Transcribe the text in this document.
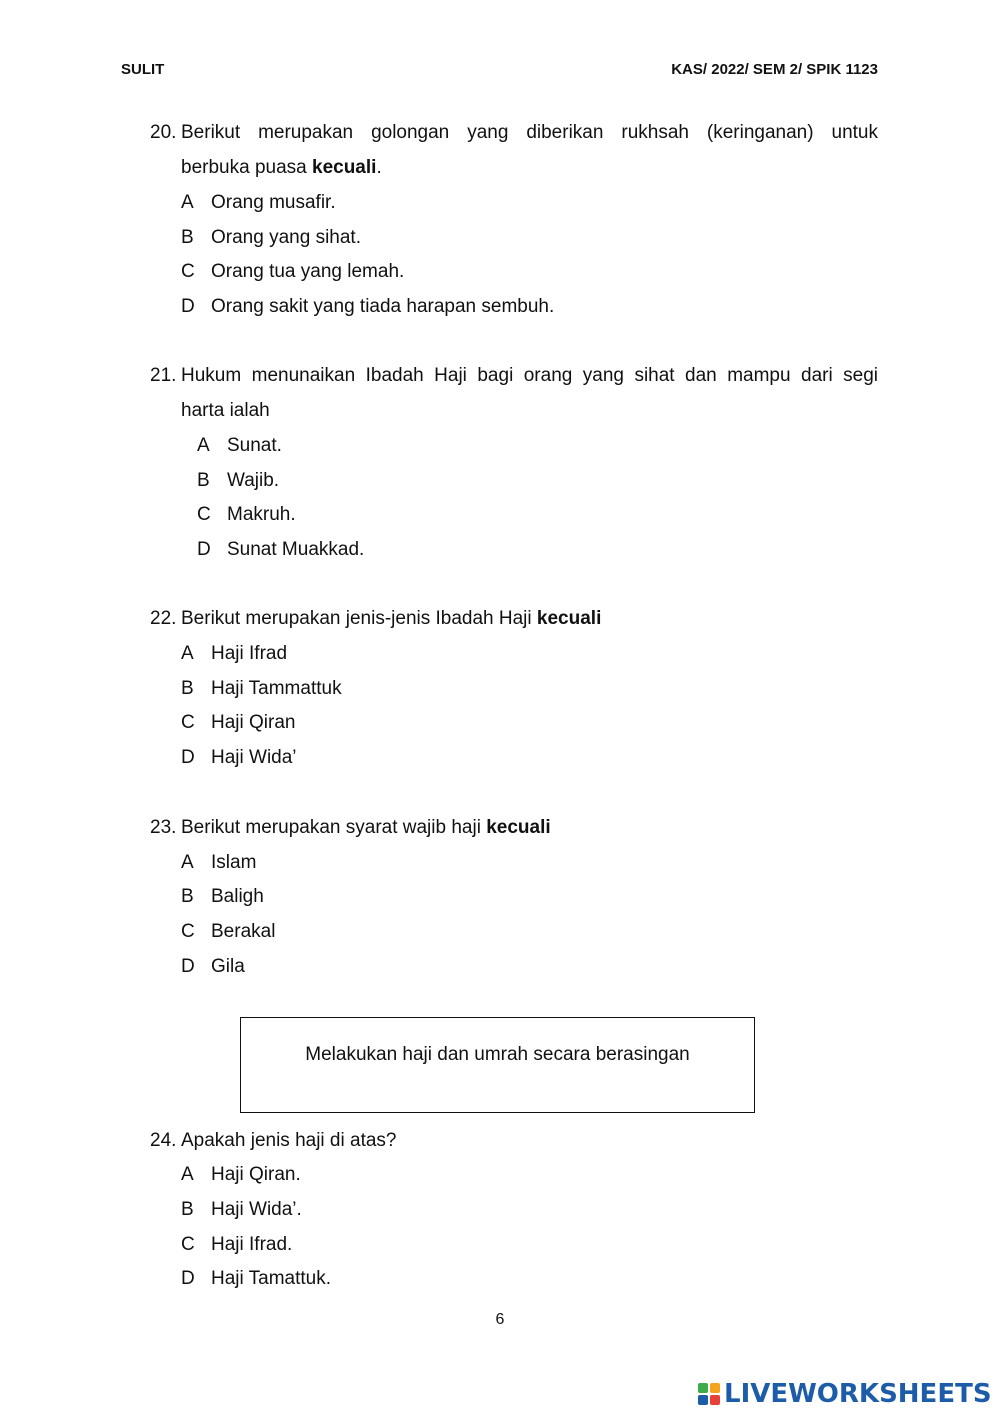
SULIT	KAS/ 2022/ SEM 2/ SPIK 1123
20. Berikut merupakan golongan yang diberikan rukhsah (keringanan) untuk
berbuka puasa kecuali.
A Orang musafir.
B Orang yang sihat.
C Orang tua yang lemah.
D Orang sakit yang tiada harapan sembuh.
21. Hukum menunaikan Ibadah Haji bagi orang yang sihat dan mampu dari segi
harta ialah
A Sunat.
B Wajib.
C Makruh.
D Sunat Muakkad.
22. Berikut merupakan jenis-jenis Ibadah Haji kecuali
A Haji Ifrad
B Haji Tammattuk
C Haji Qiran
D Haji Wida’
23. Berikut merupakan syarat wajib haji kecuali
A Islam
B Baligh
C Berakal
D Gila
Melakukan haji dan umrah secara berasingan
24. Apakah jenis haji di atas?
A Haji Qiran.
B Haji Wida’.
C Haji Ifrad.
D Haji Tamattuk.
6
LIVEWORKSHEETS
